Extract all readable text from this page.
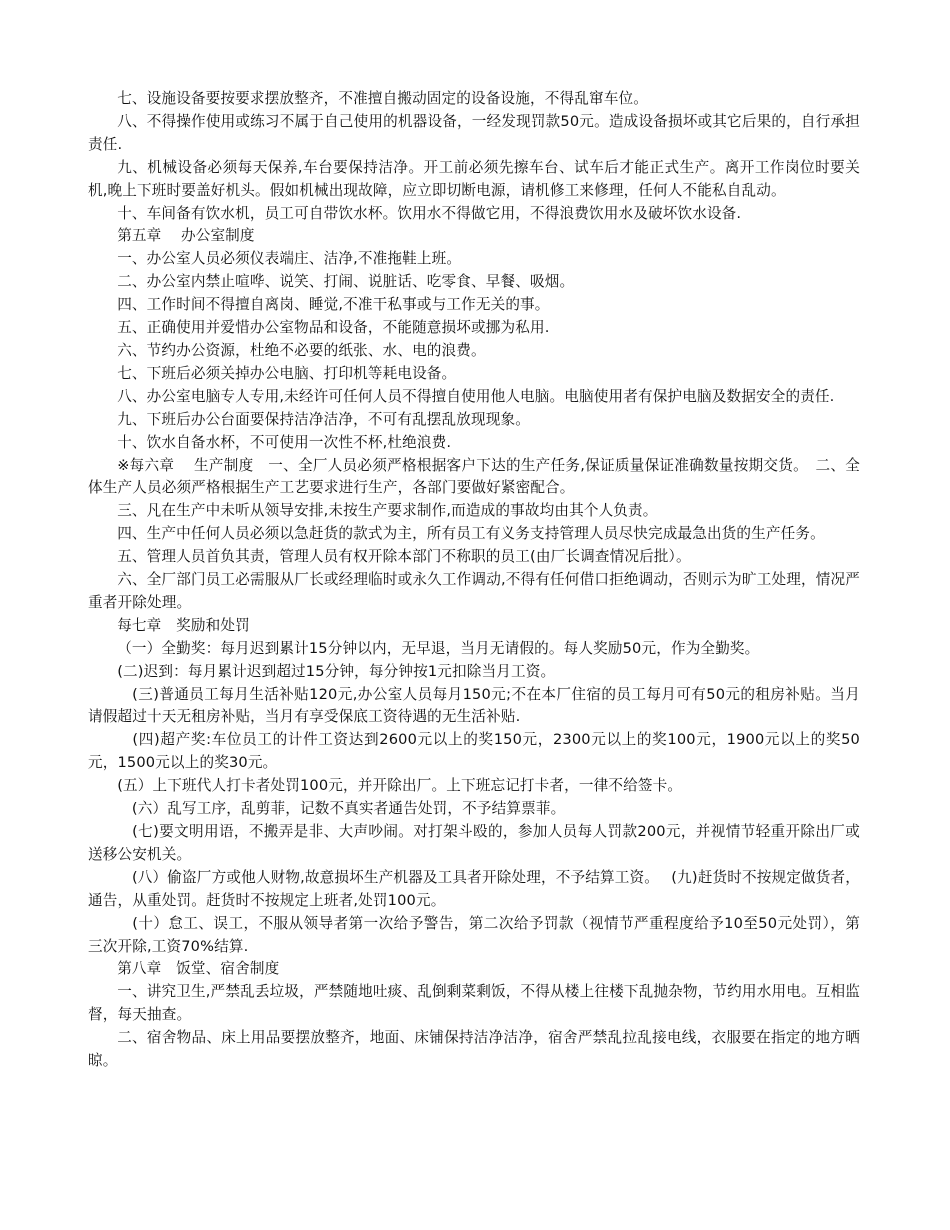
七、设施设备要按要求摆放整齐，不准擅自搬动固定的设备设施，不得乱窜车位。

八、不得操作使用或练习不属于自己使用的机器设备，一经发现罚款50元。造成设备损坏或其它后果的，自行承担责任.

九、机械设备必须每天保养,车台要保持洁净。开工前必须先擦车台、试车后才能正式生产。离开工作岗位时要关机,晚上下班时要盖好机头。假如机械出现故障，应立即切断电源，请机修工来修理，任何人不能私自乱动。

十、车间备有饮水机，员工可自带饮水杯。饮用水不得做它用，不得浪费饮用水及破坏饮水设备.

第五章　 办公室制度

一、办公室人员必须仪表端庄、洁净,不准拖鞋上班。

二、办公室内禁止喧哗、说笑、打闹、说脏话、吃零食、早餐、吸烟。

四、工作时间不得擅自离岗、睡觉,不准干私事或与工作无关的事。

五、正确使用并爱惜办公室物品和设备，不能随意损坏或挪为私用.

六、节约办公资源，杜绝不必要的纸张、水、电的浪费。

七、下班后必须关掉办公电脑、打印机等耗电设备。

八、办公室电脑专人专用,未经许可任何人员不得擅自使用他人电脑。电脑使用者有保护电脑及数据安全的责任.

九、下班后办公台面要保持洁净洁净，不可有乱摆乱放现现象。

十、饮水自备水杯，不可使用一次性不杯,杜绝浪费.

※每六章　 生产制度　一、全厂人员必须严格根据客户下达的生产任务,保证质量保证准确数量按期交货。　二、全体生产人员必须严格根据生产工艺要求进行生产，各部门要做好紧密配合。

三、凡在生产中未听从领导安排,未按生产要求制作,而造成的事故均由其个人负责。

四、生产中任何人员必须以急赶货的款式为主，所有员工有义务支持管理人员尽快完成最急出货的生产任务。

五、管理人员首负其责，管理人员有权开除本部门不称职的员工(由厂长调查情况后批）。

六、全厂部门员工必需服从厂长或经理临时或永久工作调动,不得有任何借口拒绝调动，否则示为旷工处理，情况严重者开除处理。

每七章　奖励和处罚

（一）全勤奖：每月迟到累计15分钟以内，无早退，当月无请假的。每人奖励50元，作为全勤奖。

(二)迟到：每月累计迟到超过15分钟，每分钟按1元扣除当月工资。

　(三)普通员工每月生活补贴120元,办公室人员每月150元;不在本厂住宿的员工每月可有50元的租房补贴。当月请假超过十天无租房补贴，当月有享受保底工资待遇的无生活补贴.

　(四)超产奖:车位员工的计件工资达到2600元以上的奖150元，2300元以上的奖100元，1900元以上的奖50元，1500元以上的奖30元。

(五）上下班代人打卡者处罚100元，并开除出厂。上下班忘记打卡者，一律不给签卡。

　(六）乱写工序，乱剪菲，记数不真实者通告处罚，不予结算票菲。

　(七)要文明用语，不搬弄是非、大声吵闹。对打架斗殴的，参加人员每人罚款200元，并视情节轻重开除出厂或送移公安机关。

　(八）偷盗厂方或他人财物,故意损坏生产机器及工具者开除处理，不予结算工资。　 (九)赶货时不按规定做货者，通告，从重处罚。赶货时不按规定上班者,处罚100元。

　(十）怠工、误工，不服从领导者第一次给予警告，第二次给予罚款（视情节严重程度给予10至50元处罚），第三次开除,工资70%结算.

第八章　饭堂、宿舍制度

一、讲究卫生,严禁乱丢垃圾，严禁随地吐痰、乱倒剩菜剩饭，不得从楼上往楼下乱抛杂物，节约用水用电。互相监督，每天抽查。

二、宿舍物品、床上用品要摆放整齐，地面、床铺保持洁净洁净，宿舍严禁乱拉乱接电线，衣服要在指定的地方晒晾。
